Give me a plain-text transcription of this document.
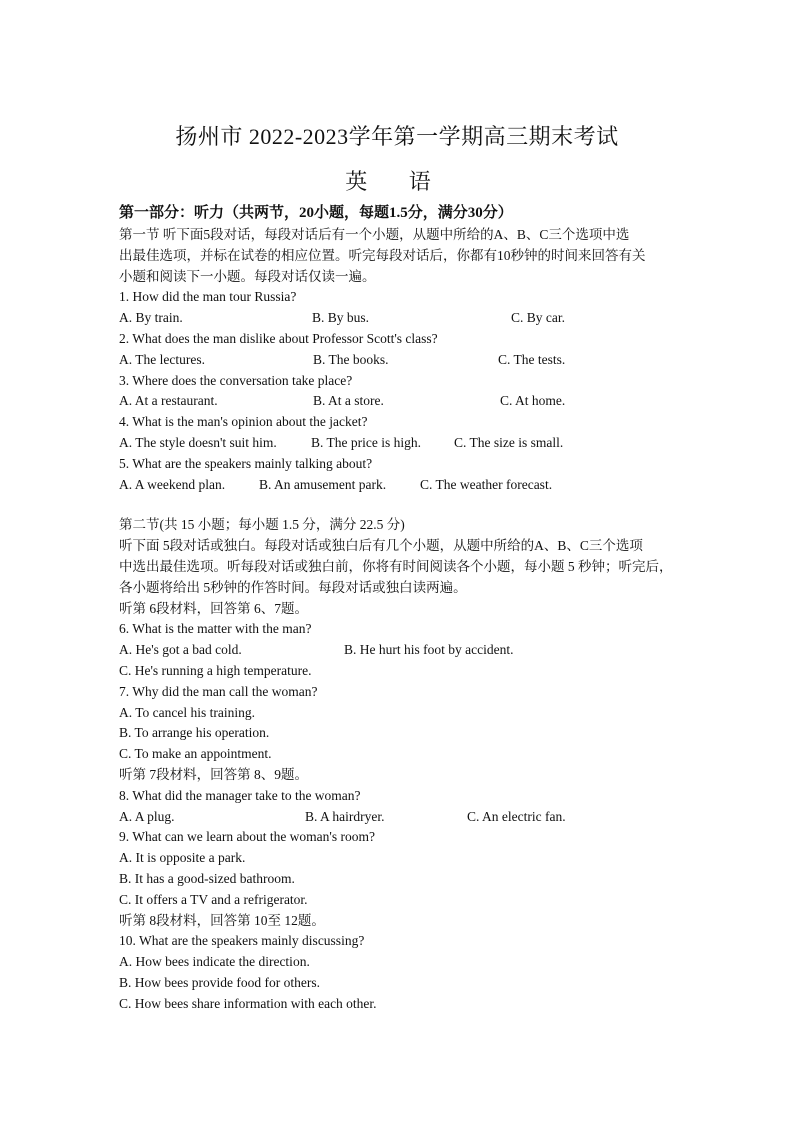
扬州市 2022-2023学年第一学期高三期末考试
英 语
第一部分：听力（共两节，20小题，每题1.5分，满分30分）
第一节 听下面5段对话，每段对话后有一个小题，从题中所给的A、B、C三个选项中选
出最佳选项，并标在试卷的相应位置。听完每段对话后，你都有10秒钟的时间来回答有关
小题和阅读下一小题。每段对话仅读一遍。
1. How did the man tour Russia?
A. By train.	B. By bus.	C. By car.
2. What does the man dislike about Professor Scott's class?
A. The lectures.	B. The books.	C. The tests.
3. Where does the conversation take place?
A. At a restaurant.	B. At a store.	C. At home.
4. What is the man's opinion about the jacket?
A. The style doesn't suit him.	B. The price is high.	C. The size is small.
5. What are the speakers mainly talking about?
A. A weekend plan.	B. An amusement park.	C. The weather forecast.
第二节(共 15 小题；每小题 1.5 分，满分 22.5 分)
听下面 5段对话或独白。每段对话或独白后有几个小题，从题中所给的A、B、C三个选项
中选出最佳选项。听每段对话或独白前，你将有时间阅读各个小题，每小题 5 秒钟；听完后，
各小题将给出 5秒钟的作答时间。每段对话或独白读两遍。
听第 6段材料，回答第 6、7题。
6. What is the matter with the man?
A. He's got a bad cold.	B. He hurt his foot by accident.
C. He's running a high temperature.
7. Why did the man call the woman?
A. To cancel his training.
B. To arrange his operation.
C. To make an appointment.
听第 7段材料，回答第 8、9题。
8. What did the manager take to the woman?
A. A plug.	B. A hairdryer.	C. An electric fan.
9. What can we learn about the woman's room?
A. It is opposite a park.
B. It has a good-sized bathroom.
C. It offers a TV and a refrigerator.
听第 8段材料，回答第 10至 12题。
10. What are the speakers mainly discussing?
A. How bees indicate the direction.
B. How bees provide food for others.
C. How bees share information with each other.
